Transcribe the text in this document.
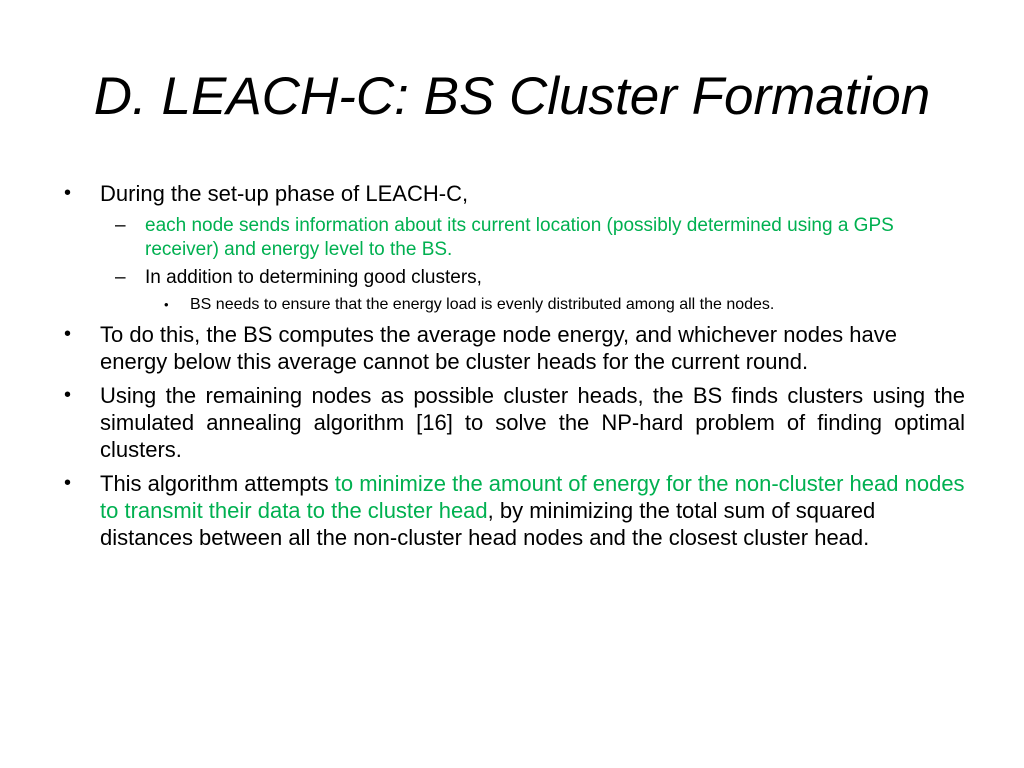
D. LEACH-C: BS Cluster Formation
• During the set-up phase of LEACH-C,
– each node sends information about its current location (possibly determined using a GPS receiver) and energy level to the BS.
– In addition to determining good clusters,
• BS needs to ensure that the energy load is evenly distributed among all the nodes.
• To do this, the BS computes the average node energy, and whichever nodes have energy below this average cannot be cluster heads for the current round.
• Using the remaining nodes as possible cluster heads, the BS finds clusters using the simulated annealing algorithm [16] to solve the NP-hard problem of finding optimal clusters.
• This algorithm attempts to minimize the amount of energy for the non-cluster head nodes to transmit their data to the cluster head, by minimizing the total sum of squared distances between all the non-cluster head nodes and the closest cluster head.
